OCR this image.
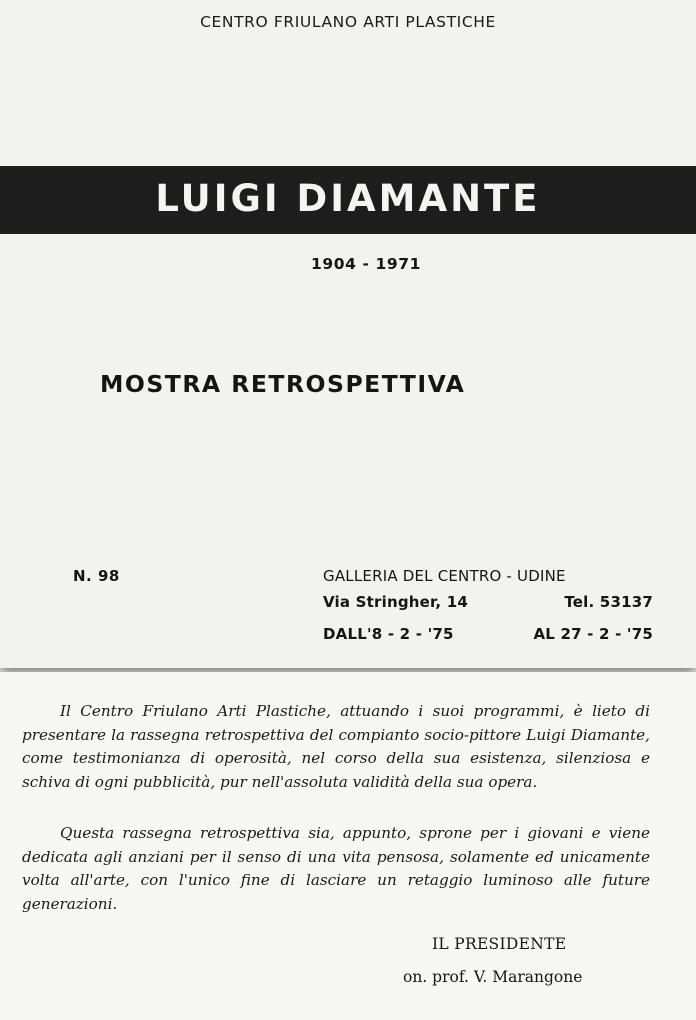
CENTRO FRIULANO ARTI PLASTICHE
LUIGI DIAMANTE
1904 - 1971
MOSTRA RETROSPETTIVA
N. 98	GALLERIA DEL CENTRO - UDINE
Via Stringher, 14	Tel. 53137
DALL'8 - 2 - '75	AL 27 - 2 - '75
Il Centro Friulano Arti Plastiche, attuando i suoi programmi, è lieto di presentare la rassegna retrospettiva del compianto socio-pittore Luigi Diamante, come testimonianza di operosità, nel corso della sua esistenza, silenziosa e schiva di ogni pubblicità, pur nell'assoluta validità della sua opera.
Questa rassegna retrospettiva sia, appunto, sprone per i giovani e viene dedicata agli anziani per il senso di una vita pensosa, solamente ed unicamente volta all'arte, con l'unico fine di lasciare un retaggio luminoso alle future generazioni.
IL PRESIDENTE
on. prof. V. Marangone
